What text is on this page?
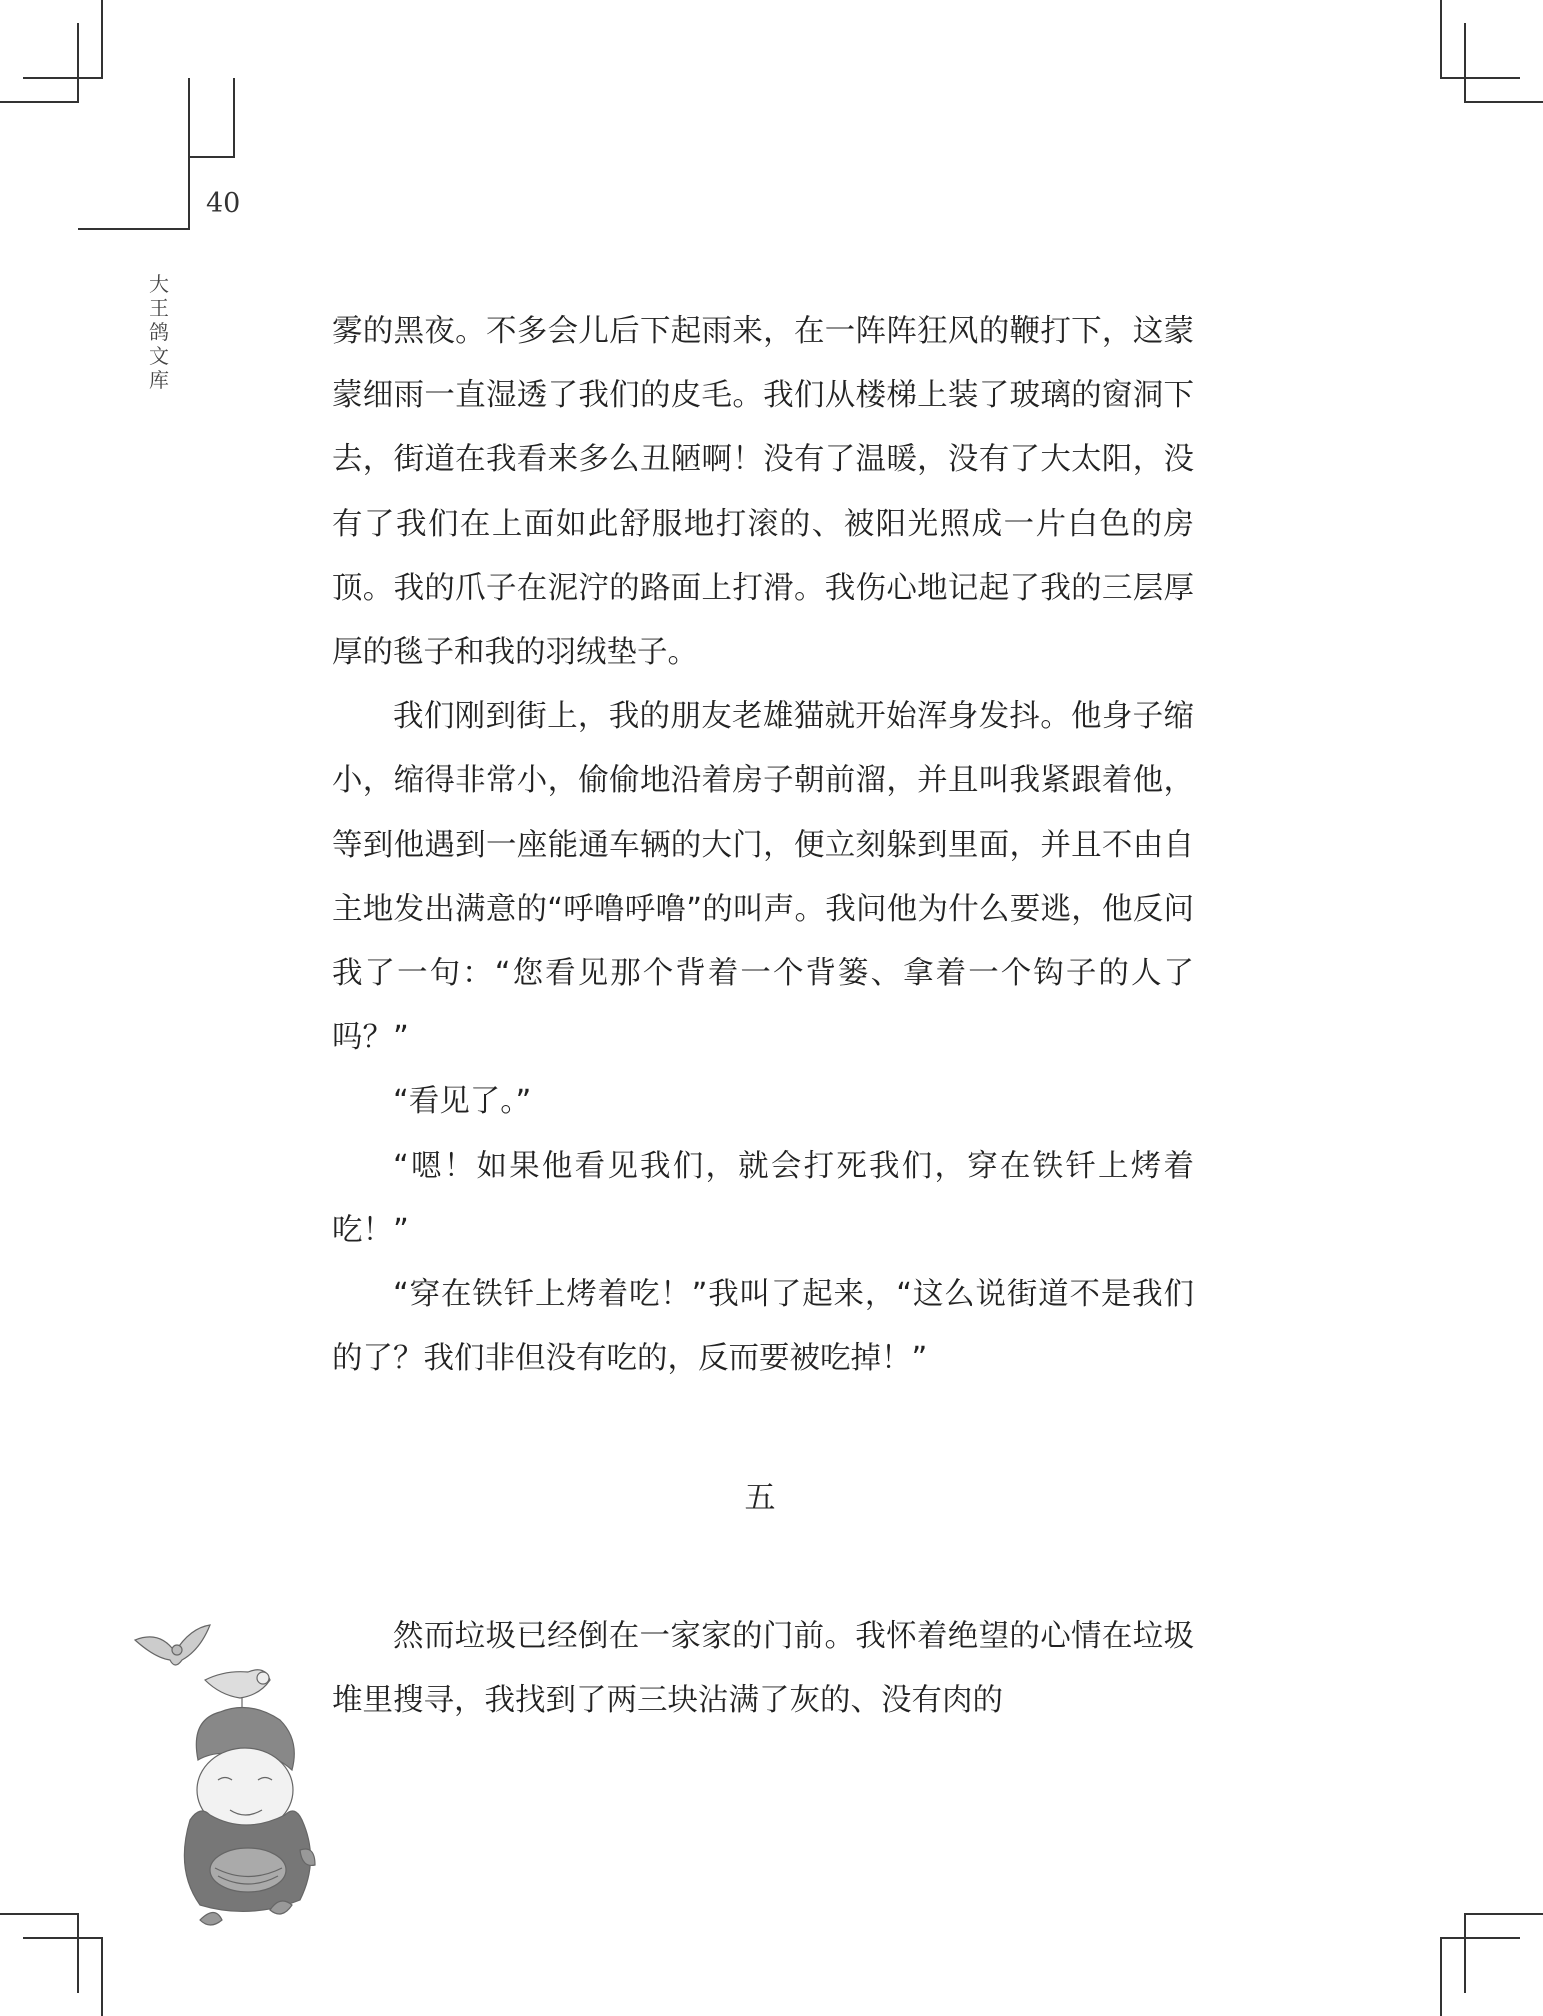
40
大
王
鸽
文
库

雾的黑夜。不多会儿后下起雨来，在一阵阵狂风的鞭打下，这蒙蒙细雨一直湿透了我们的皮毛。我们从楼梯上装了玻璃的窗洞下去，街道在我看来多么丑陋啊！没有了温暖，没有了大太阳，没有了我们在上面如此舒服地打滚的、被阳光照成一片白色的房顶。我的爪子在泥泞的路面上打滑。我伤心地记起了我的三层厚厚的毯子和我的羽绒垫子。

我们刚到街上，我的朋友老雄猫就开始浑身发抖。他身子缩小，缩得非常小，偷偷地沿着房子朝前溜，并且叫我紧跟着他，等到他遇到一座能通车辆的大门，便立刻躲到里面，并且不由自主地发出满意的“呼噜呼噜”的叫声。我问他为什么要逃，他反问我了一句：“您看见那个背着一个背篓、拿着一个钩子的人了吗？”

“看见了。”

“嗯！如果他看见我们，就会打死我们，穿在铁钎上烤着吃！”

“穿在铁钎上烤着吃！”我叫了起来，“这么说街道不是我们的了？我们非但没有吃的，反而要被吃掉！”

五

然而垃圾已经倒在一家家的门前。我怀着绝望的心情在垃圾堆里搜寻，我找到了两三块沾满了灰的、没有肉的
